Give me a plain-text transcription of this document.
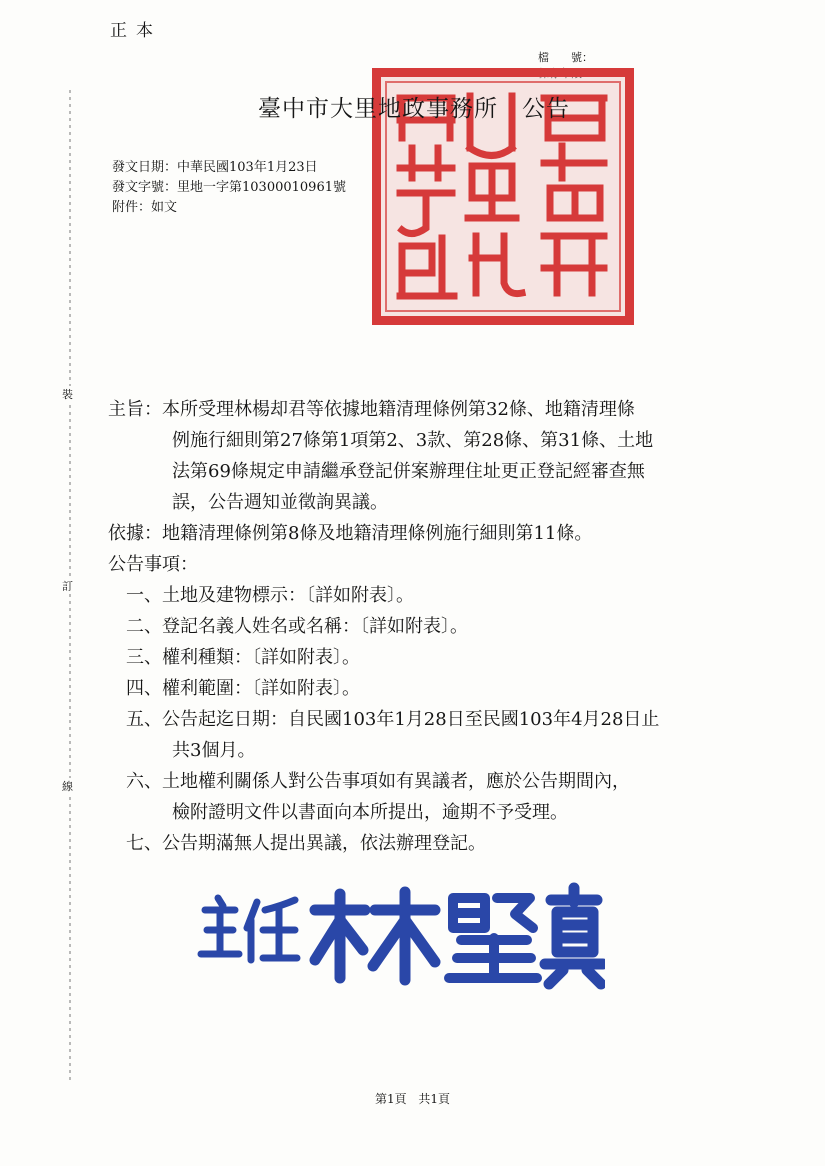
正本
檔　　號：
保存年限：
臺中市大里地政事務所　公告
發文日期：中華民國103年1月23日
發文字號：里地一字第10300010961號
附件：如文
裝
訂
線
主旨：本所受理林楊却君等依據地籍清理條例第32條、地籍清理條
例施行細則第27條第1項第2、3款、第28條、第31條、土地
法第69條規定申請繼承登記併案辦理住址更正登記經審查無
誤，公告週知並徵詢異議。
依據：地籍清理條例第8條及地籍清理條例施行細則第11條。
公告事項：
一、土地及建物標示：〔詳如附表〕。
二、登記名義人姓名或名稱：〔詳如附表〕。
三、權利種類：〔詳如附表〕。
四、權利範圍：〔詳如附表〕。
五、公告起迄日期：自民國103年1月28日至民國103年4月28日止
共3個月。
六、土地權利關係人對公告事項如有異議者，應於公告期間內，
檢附證明文件以書面向本所提出，逾期不予受理。
七、公告期滿無人提出異議，依法辦理登記。
第1頁 共1頁
